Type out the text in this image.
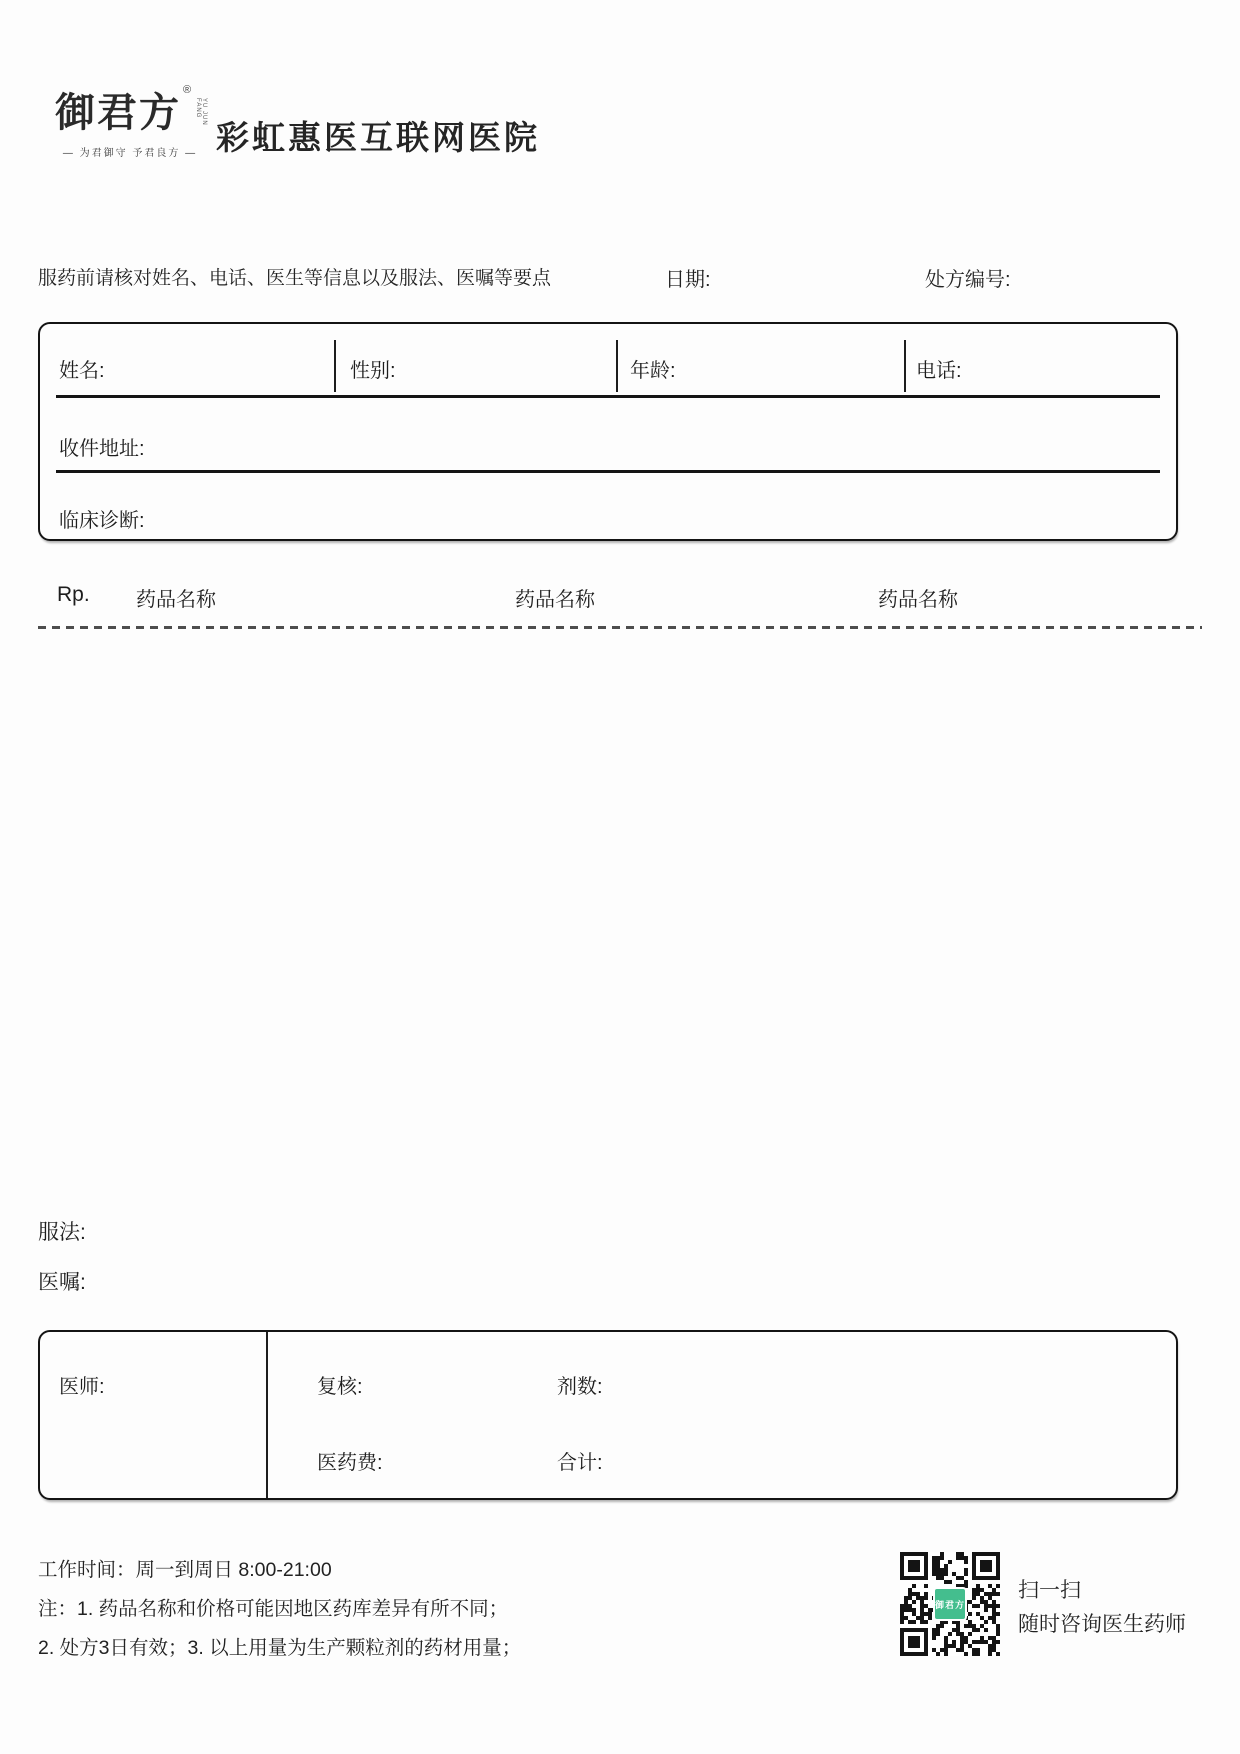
御君方 ®
YU JUN FANG
— 为君御守 予君良方 — 彩虹惠医互联网医院
服药前请核对姓名、电话、医生等信息以及服法、医嘱等要点	日期:	处方编号:
姓名:	性别:	年龄:	电话:
收件地址:
临床诊断:
Rp. 药品名称	药品名称	药品名称
服法:
医嘱:
医师:	复核:	剂数:
医药费:	合计:
工作时间：周一到周日 8:00-21:00
注：1. 药品名称和价格可能因地区药库差异有所不同；
2. 处方3日有效；3. 以上用量为生产颗粒剂的药材用量；
御君方
扫一扫
随时咨询医生药师
